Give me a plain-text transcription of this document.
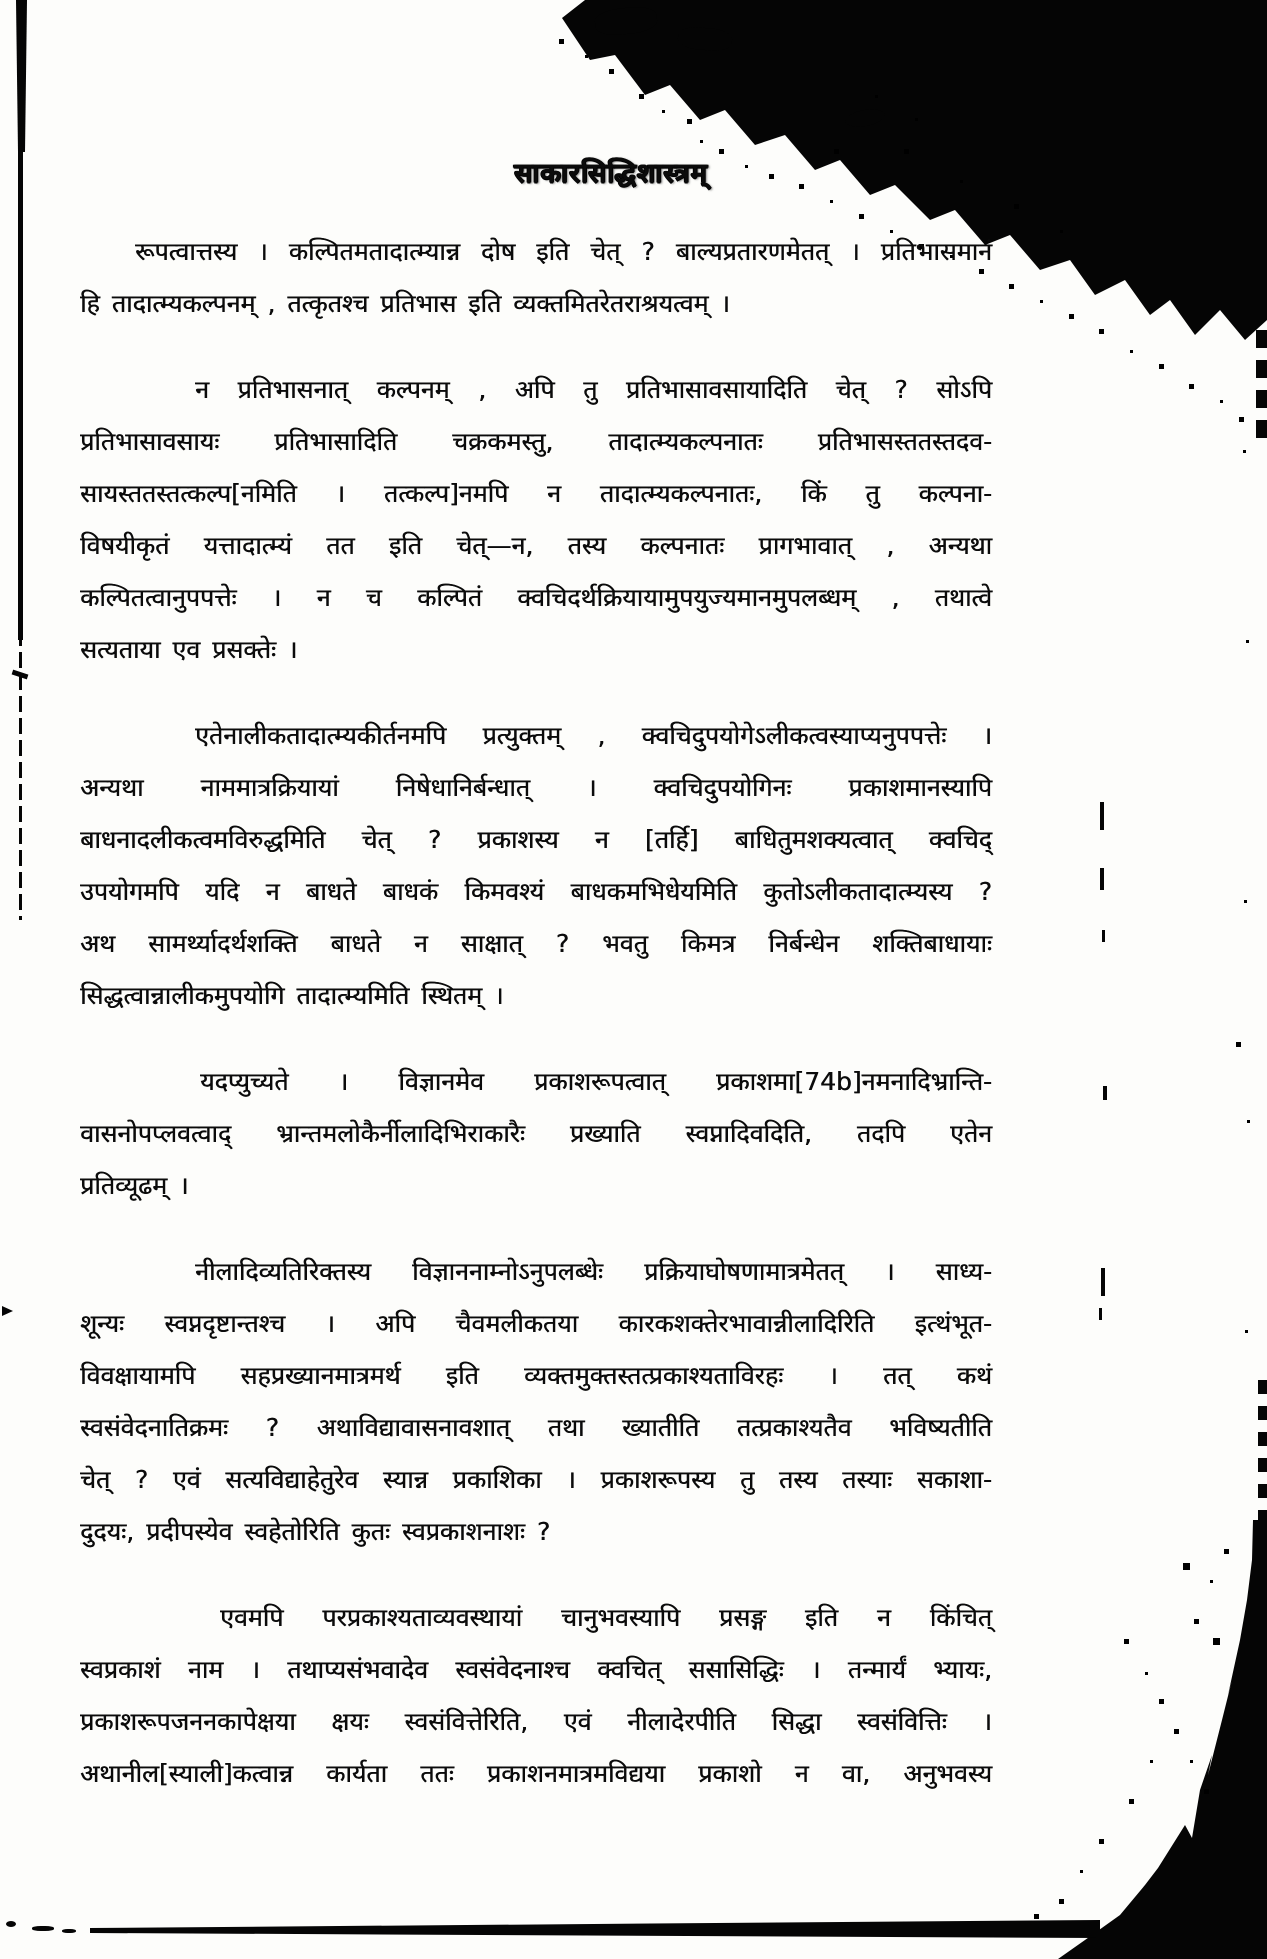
साकारसिद्धिशास्त्रम्
रूपत्वात्तस्य । कल्पितमतादात्म्यान्न दोष इति चेत् ? बाल्यप्रतारणमेतत् । प्रतिभासमानं
हि तादात्म्यकल्पनम् , तत्कृतश्च प्रतिभास इति व्यक्तमितरेतराश्रयत्वम् ।
न प्रतिभासनात् कल्पनम् , अपि तु प्रतिभासावसायादिति चेत् ? सोऽपि
प्रतिभासावसायः प्रतिभासादिति चक्रकमस्तु, तादात्म्यकल्पनातः प्रतिभासस्ततस्तदव-
सायस्ततस्तत्कल्प[नमिति । तत्कल्प]नमपि न तादात्म्यकल्पनातः, किं तु कल्पना-
विषयीकृतं यत्तादात्म्यं तत इति चेत्—न, तस्य कल्पनातः प्रागभावात् , अन्यथा
कल्पितत्वानुपपत्तेः । न च कल्पितं क्वचिदर्थक्रियायामुपयुज्यमानमुपलब्धम् , तथात्वे
सत्यताया एव प्रसक्तेः ।
एतेनालीकतादात्म्यकीर्तनमपि प्रत्युक्तम् , क्वचिदुपयोगेऽलीकत्वस्याप्यनुपपत्तेः ।
अन्यथा नाममात्रक्रियायां निषेधानिर्बन्धात् । क्वचिदुपयोगिनः प्रकाशमानस्यापि
बाधनादलीकत्वमविरुद्धमिति चेत् ? प्रकाशस्य न [तर्हि] बाधितुमशक्यत्वात् क्वचिद्
उपयोगमपि यदि न बाधते बाधकं किमवश्यं बाधकमभिधेयमिति कुतोऽलीकतादात्म्यस्य ?
अथ सामर्थ्यादर्थशक्ति बाधते न साक्षात् ? भवतु किमत्र निर्बन्धेन शक्तिबाधायाः
सिद्धत्वान्नालीकमुपयोगि तादात्म्यमिति स्थितम् ।
यदप्युच्यते । विज्ञानमेव प्रकाशरूपत्वात् प्रकाशमा[74b]नमनादिभ्रान्ति-
वासनोपप्लवत्वाद् भ्रान्तमलोकैर्नीलादिभिराकारैः प्रख्याति स्वप्नादिवदिति, तदपि एतेन
प्रतिव्यूढम् ।
नीलादिव्यतिरिक्तस्य विज्ञाननाम्नोऽनुपलब्धेः प्रक्रियाघोषणामात्रमेतत् । साध्य-
शून्यः स्वप्नदृष्टान्तश्च । अपि चैवमलीकतया कारकशक्तेरभावान्नीलादिरिति इत्थंभूत-
विवक्षायामपि सहप्रख्यानमात्रमर्थ इति व्यक्तमुक्तस्तत्प्रकाश्यताविरहः । तत् कथं
स्वसंवेदनातिक्रमः ? अथाविद्यावासनावशात् तथा ख्यातीति तत्प्रकाश्यतैव भविष्यतीति
चेत् ? एवं सत्यविद्याहेतुरेव स्यान्न प्रकाशिका । प्रकाशरूपस्य तु तस्य तस्याः सकाशा-
दुदयः, प्रदीपस्येव स्वहेतोरिति कुतः स्वप्रकाशनाशः ?
एवमपि परप्रकाश्यताव्यवस्थायां चानुभवस्यापि प्रसङ्ग इति न किंचित्
स्वप्रकाशं नाम । तथाप्यसंभवादेव स्वसंवेदनाश्च क्वचित् ससासिद्धिः । तन्मार्यं भ्यायः,
प्रकाशरूपजननकापेक्षया क्षयः स्वसंवित्तेरिति, एवं नीलादेरपीति सिद्धा स्वसंवित्तिः ।
अथानील[स्याली]कत्वान्न कार्यता ततः प्रकाशनमात्रमविद्यया प्रकाशो न वा, अनुभवस्य
